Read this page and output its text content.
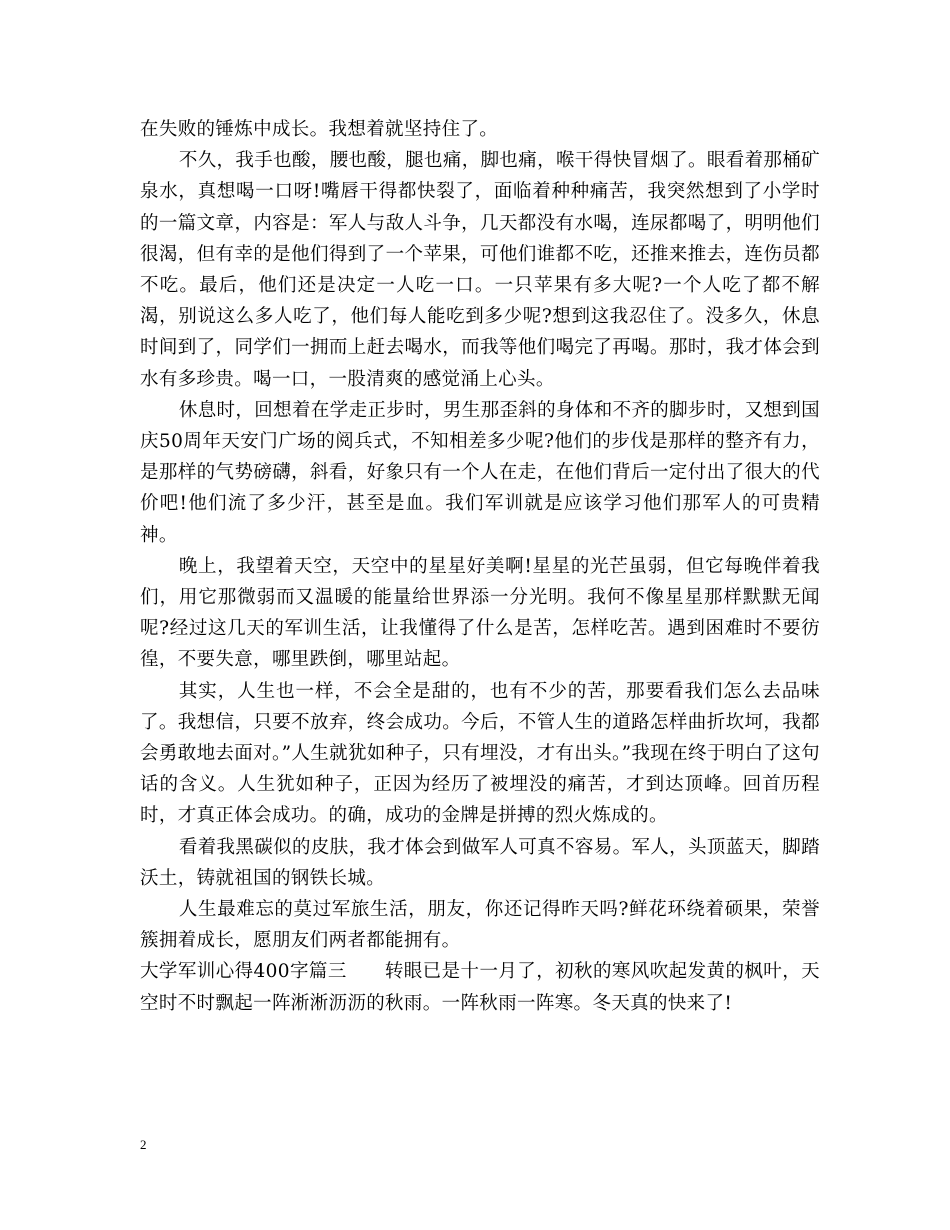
在失败的锤炼中成长。我想着就坚持住了。

不久，我手也酸，腰也酸，腿也痛，脚也痛，喉干得快冒烟了。眼看着那桶矿泉水，真想喝一口呀!嘴唇干得都快裂了，面临着种种痛苦，我突然想到了小学时的一篇文章，内容是：军人与敌人斗争，几天都没有水喝，连尿都喝了，明明他们很渴，但有幸的是他们得到了一个苹果，可他们谁都不吃，还推来推去，连伤员都不吃。最后，他们还是决定一人吃一口。一只苹果有多大呢?一个人吃了都不解渴，别说这么多人吃了，他们每人能吃到多少呢?想到这我忍住了。没多久，休息时间到了，同学们一拥而上赶去喝水，而我等他们喝完了再喝。那时，我才体会到水有多珍贵。喝一口，一股清爽的感觉涌上心头。

休息时，回想着在学走正步时，男生那歪斜的身体和不齐的脚步时，又想到国庆50周年天安门广场的阅兵式，不知相差多少呢?他们的步伐是那样的整齐有力，是那样的气势磅礴，斜看，好象只有一个人在走，在他们背后一定付出了很大的代价吧!他们流了多少汗，甚至是血。我们军训就是应该学习他们那军人的可贵精神。

晚上，我望着天空，天空中的星星好美啊!星星的光芒虽弱，但它每晚伴着我们，用它那微弱而又温暖的能量给世界添一分光明。我何不像星星那样默默无闻呢?经过这几天的军训生活，让我懂得了什么是苦，怎样吃苦。遇到困难时不要彷徨，不要失意，哪里跌倒，哪里站起。

其实，人生也一样，不会全是甜的，也有不少的苦，那要看我们怎么去品味了。我想信，只要不放弃，终会成功。今后，不管人生的道路怎样曲折坎坷，我都会勇敢地去面对。”人生就犹如种子，只有埋没，才有出头。”我现在终于明白了这句话的含义。人生犹如种子，正因为经历了被埋没的痛苦，才到达顶峰。回首历程时，才真正体会成功。的确，成功的金牌是拼搏的烈火炼成的。

看着我黑碳似的皮肤，我才体会到做军人可真不容易。军人，头顶蓝天，脚踏沃土，铸就祖国的钢铁长城。

人生最难忘的莫过军旅生活，朋友，你还记得昨天吗?鲜花环绕着硕果，荣誉簇拥着成长，愿朋友们两者都能拥有。

大学军训心得400字篇三 转眼已是十一月了，初秋的寒风吹起发黄的枫叶，天空时不时飘起一阵淅淅沥沥的秋雨。一阵秋雨一阵寒。冬天真的快来了!

2
